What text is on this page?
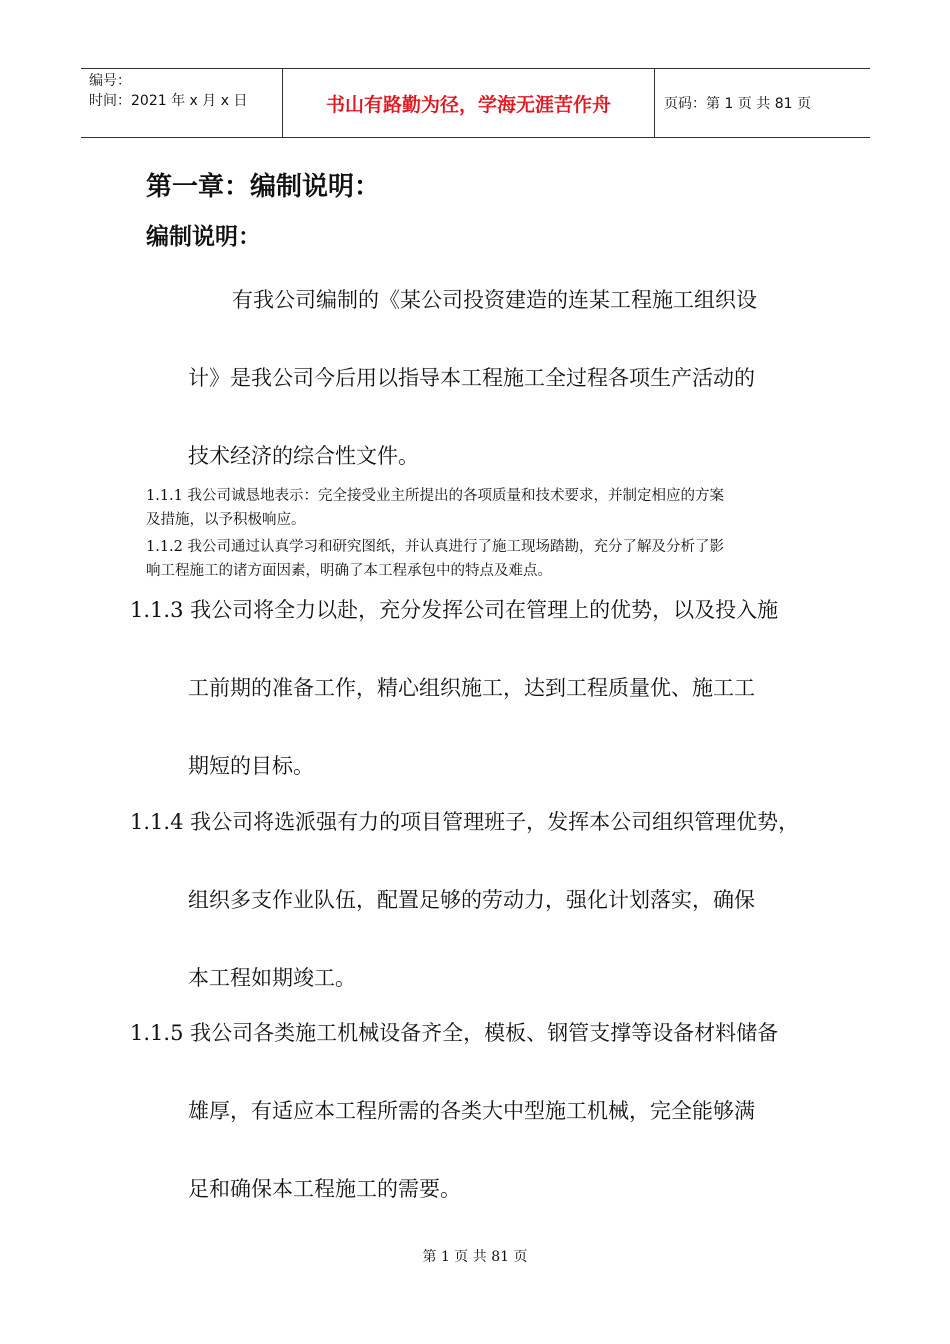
编号：
时间：2021 年 x 月 x 日	书山有路勤为径，学海无涯苦作舟	页码：第 1 页 共 81 页
第一章：编制说明：
编制说明：
有我公司编制的《某公司投资建造的连某工程施工组织设
计》是我公司今后用以指导本工程施工全过程各项生产活动的
技术经济的综合性文件。
1.1.1 我公司诚恳地表示：完全接受业主所提出的各项质量和技术要求，并制定相应的方案
及措施，以予积极响应。
1.1.2 我公司通过认真学习和研究图纸，并认真进行了施工现场踏勘，充分了解及分析了影
响工程施工的诸方面因素，明确了本工程承包中的特点及难点。
1.1.3 我公司将全力以赴，充分发挥公司在管理上的优势，以及投入施
工前期的准备工作，精心组织施工，达到工程质量优、施工工
期短的目标。
1.1.4 我公司将选派强有力的项目管理班子，发挥本公司组织管理优势，
组织多支作业队伍，配置足够的劳动力，强化计划落实，确保
本工程如期竣工。
1.1.5 我公司各类施工机械设备齐全，模板、钢管支撑等设备材料储备
雄厚，有适应本工程所需的各类大中型施工机械，完全能够满
足和确保本工程施工的需要。
第 1 页 共 81 页
